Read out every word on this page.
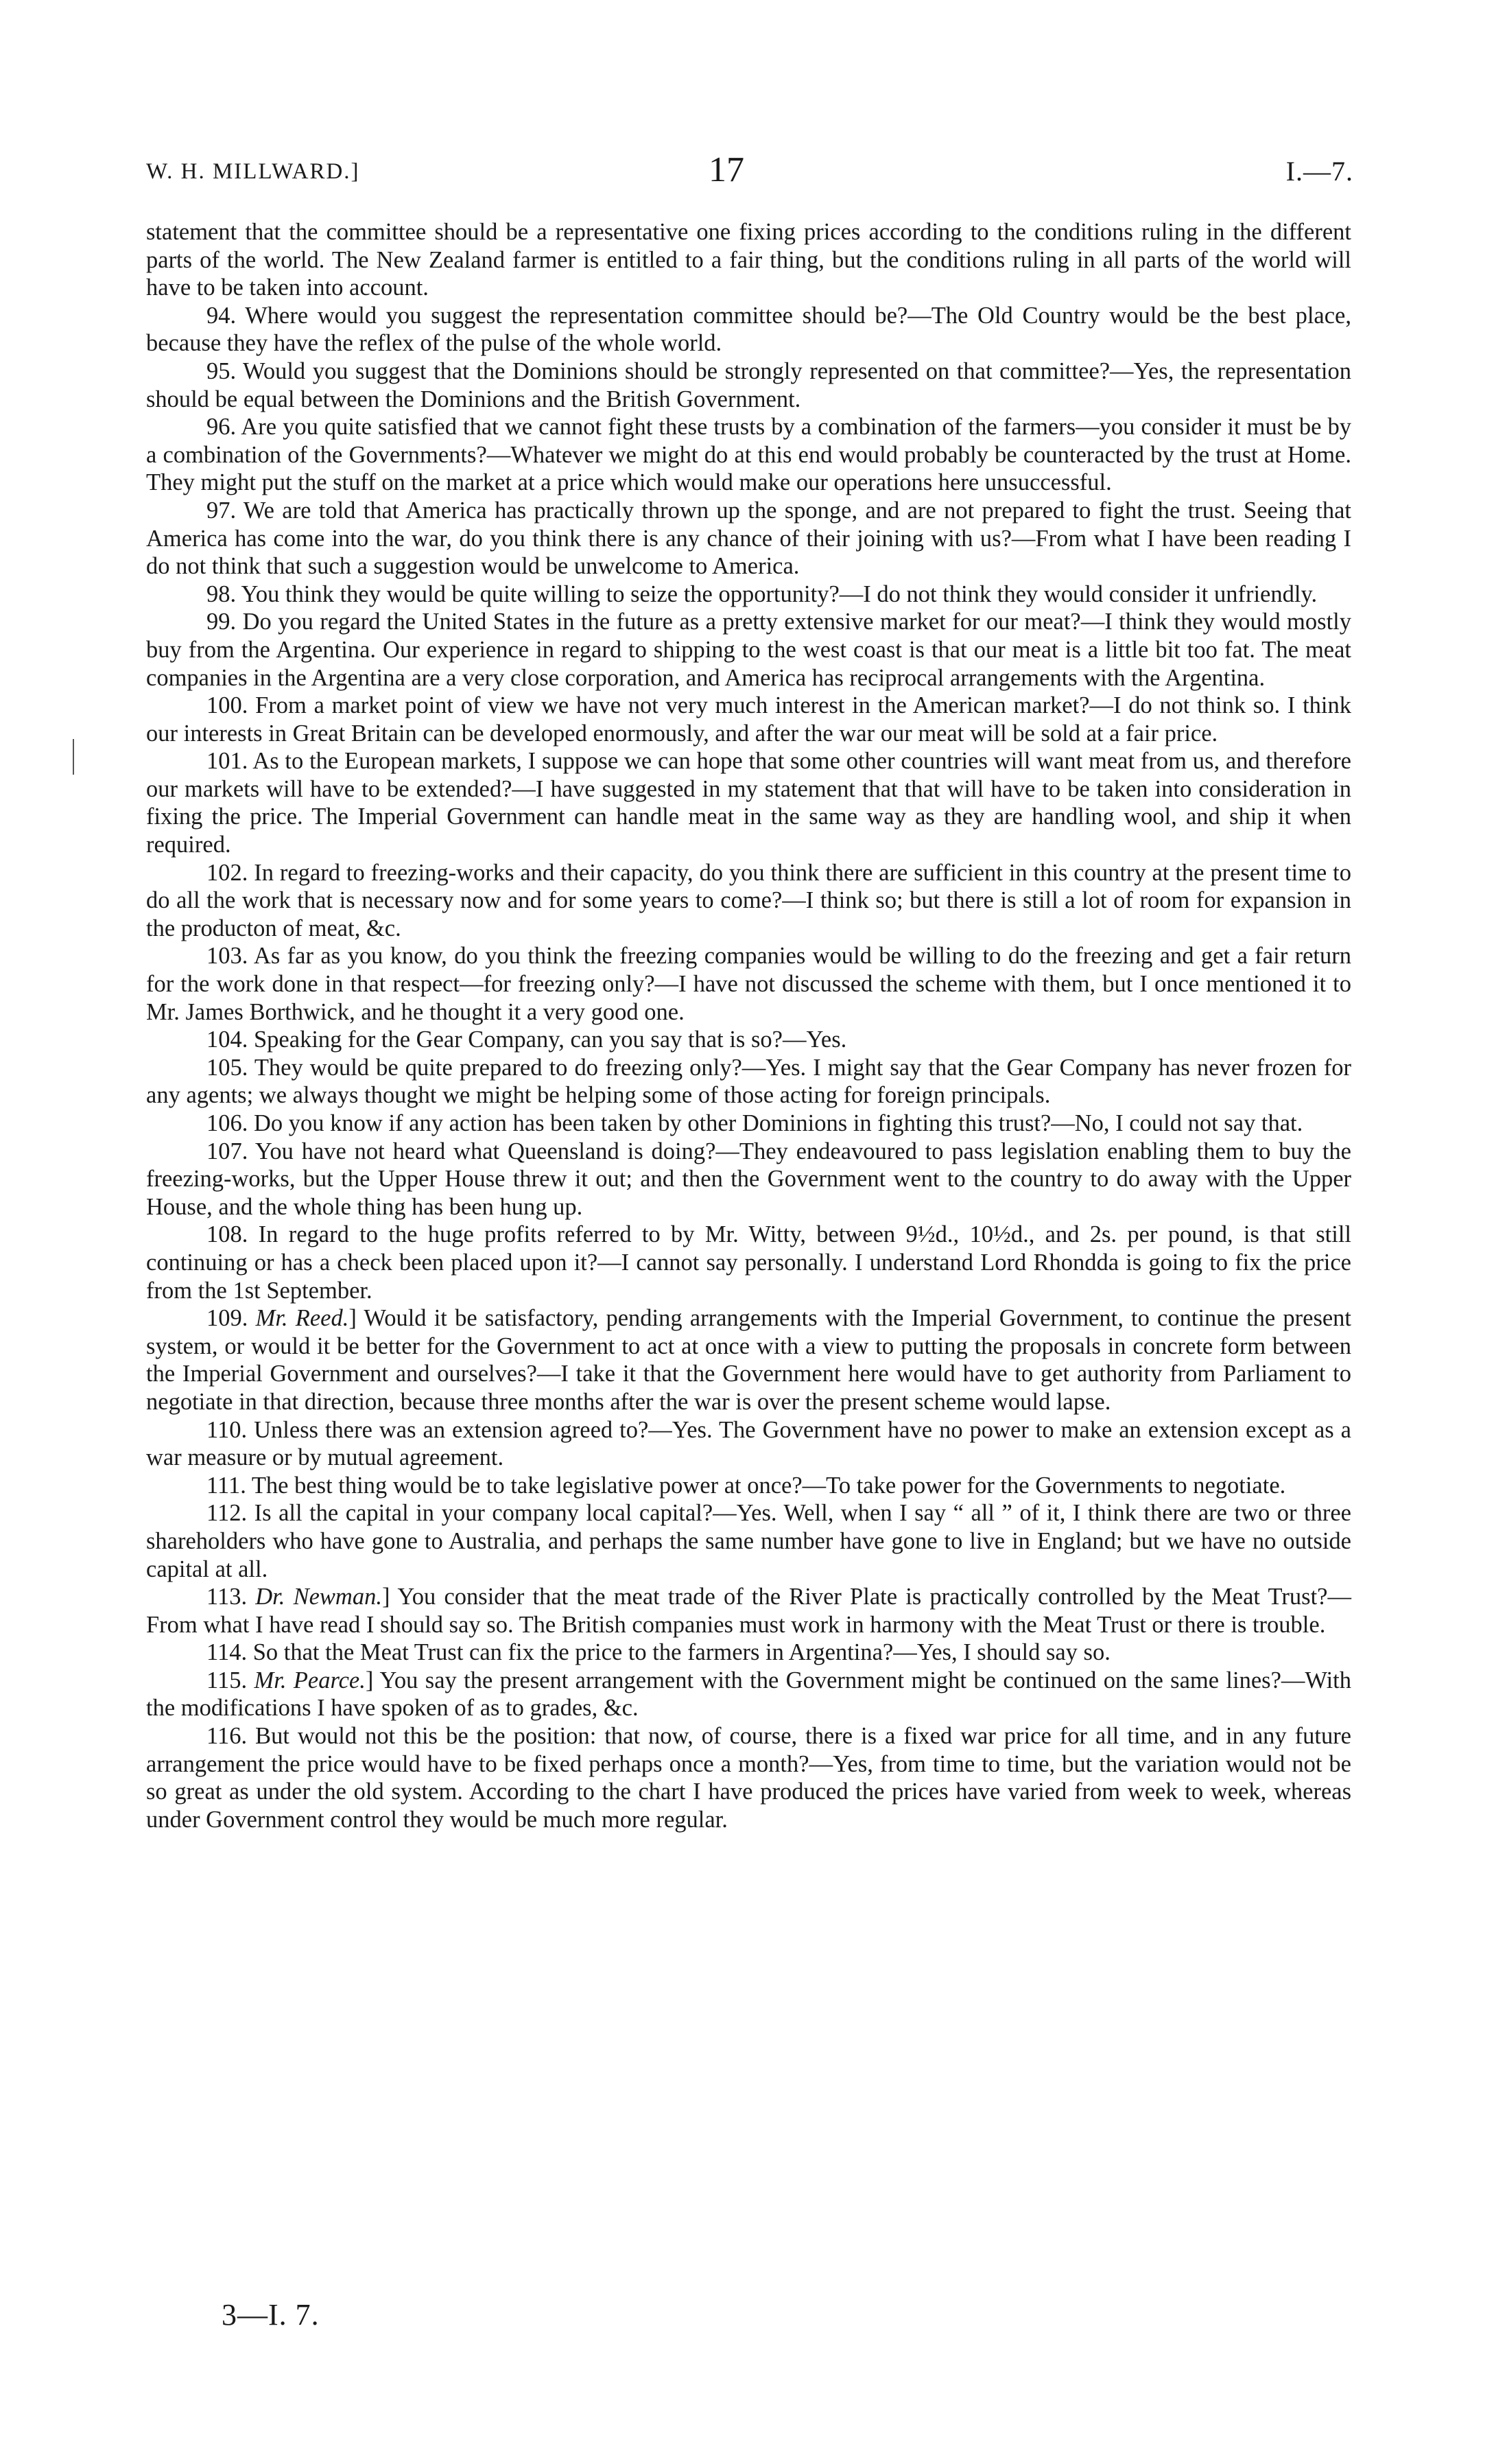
W. H. MILLWARD.]	17	I.—7.

statement that the committee should be a representative one fixing prices according to the conditions ruling in the different parts of the world. The New Zealand farmer is entitled to a fair thing, but the conditions ruling in all parts of the world will have to be taken into account.

94. Where would you suggest the representation committee should be?—The Old Country would be the best place, because they have the reflex of the pulse of the whole world.

95. Would you suggest that the Dominions should be strongly represented on that committee?—Yes, the representation should be equal between the Dominions and the British Government.

96. Are you quite satisfied that we cannot fight these trusts by a combination of the farmers—you consider it must be by a combination of the Governments?—Whatever we might do at this end would probably be counteracted by the trust at Home. They might put the stuff on the market at a price which would make our operations here unsuccessful.

97. We are told that America has practically thrown up the sponge, and are not prepared to fight the trust. Seeing that America has come into the war, do you think there is any chance of their joining with us?—From what I have been reading I do not think that such a suggestion would be unwelcome to America.

98. You think they would be quite willing to seize the opportunity?—I do not think they would consider it unfriendly.

99. Do you regard the United States in the future as a pretty extensive market for our meat?—I think they would mostly buy from the Argentina. Our experience in regard to shipping to the west coast is that our meat is a little bit too fat. The meat companies in the Argentina are a very close corporation, and America has reciprocal arrangements with the Argentina.

100. From a market point of view we have not very much interest in the American market?—I do not think so. I think our interests in Great Britain can be developed enormously, and after the war our meat will be sold at a fair price.

101. As to the European markets, I suppose we can hope that some other countries will want meat from us, and therefore our markets will have to be extended?—I have suggested in my statement that that will have to be taken into consideration in fixing the price. The Imperial Government can handle meat in the same way as they are handling wool, and ship it when required.

102. In regard to freezing-works and their capacity, do you think there are sufficient in this country at the present time to do all the work that is necessary now and for some years to come?—I think so; but there is still a lot of room for expansion in the producton of meat, &c.

103. As far as you know, do you think the freezing companies would be willing to do the freezing and get a fair return for the work done in that respect—for freezing only?—I have not discussed the scheme with them, but I once mentioned it to Mr. James Borthwick, and he thought it a very good one.

104. Speaking for the Gear Company, can you say that is so?—Yes.

105. They would be quite prepared to do freezing only?—Yes. I might say that the Gear Company has never frozen for any agents; we always thought we might be helping some of those acting for foreign principals.

106. Do you know if any action has been taken by other Dominions in fighting this trust?—No, I could not say that.

107. You have not heard what Queensland is doing?—They endeavoured to pass legislation enabling them to buy the freezing-works, but the Upper House threw it out; and then the Government went to the country to do away with the Upper House, and the whole thing has been hung up.

108. In regard to the huge profits referred to by Mr. Witty, between 9½d., 10½d., and 2s. per pound, is that still continuing or has a check been placed upon it?—I cannot say personally. I understand Lord Rhondda is going to fix the price from the 1st September.

109. Mr. Reed.] Would it be satisfactory, pending arrangements with the Imperial Government, to continue the present system, or would it be better for the Government to act at once with a view to putting the proposals in concrete form between the Imperial Government and ourselves?—I take it that the Government here would have to get authority from Parliament to negotiate in that direction, because three months after the war is over the present scheme would lapse.

110. Unless there was an extension agreed to?—Yes. The Government have no power to make an extension except as a war measure or by mutual agreement.

111. The best thing would be to take legislative power at once?—To take power for the Governments to negotiate.

112. Is all the capital in your company local capital?—Yes. Well, when I say “ all ” of it, I think there are two or three shareholders who have gone to Australia, and perhaps the same number have gone to live in England; but we have no outside capital at all.

113. Dr. Newman.] You consider that the meat trade of the River Plate is practically controlled by the Meat Trust?—From what I have read I should say so. The British companies must work in harmony with the Meat Trust or there is trouble.

114. So that the Meat Trust can fix the price to the farmers in Argentina?—Yes, I should say so.

115. Mr. Pearce.] You say the present arrangement with the Government might be continued on the same lines?—With the modifications I have spoken of as to grades, &c.

116. But would not this be the position: that now, of course, there is a fixed war price for all time, and in any future arrangement the price would have to be fixed perhaps once a month?—Yes, from time to time, but the variation would not be so great as under the old system. According to the chart I have produced the prices have varied from week to week, whereas under Government control they would be much more regular.

3—I. 7.
